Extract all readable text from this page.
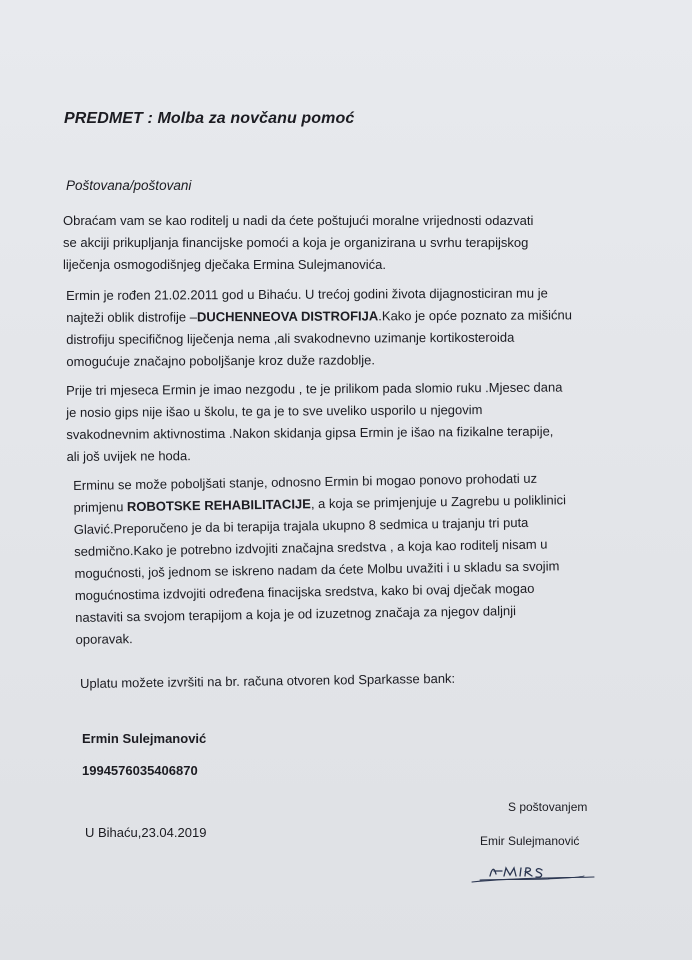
PREDMET : Molba za novčanu pomoć
Poštovana/poštovani
Obraćam vam se kao roditelj u nadi da ćete poštujući moralne vrijednosti odazvati
se akciji prikupljanja financijske pomoći a koja je organizirana u svrhu terapijskog
liječenja osmogodišnjeg dječaka Ermina Sulejmanovića.
Ermin je rođen 21.02.2011 god u Bihaću. U trećoj godini života dijagnosticiran mu je
najteži oblik distrofije –DUCHENNEOVA DISTROFIJA.Kako je opće poznato za mišićnu
distrofiju specifičnog liječenja nema ,ali svakodnevno uzimanje kortikosteroida
omogućuje značajno poboljšanje kroz duže razdoblje.
Prije tri mjeseca Ermin je imao nezgodu , te je prilikom pada slomio ruku .Mjesec dana
je nosio gips nije išao u školu, te ga je to sve uveliko usporilo u njegovim
svakodnevnim aktivnostima .Nakon skidanja gipsa Ermin je išao na fizikalne terapije,
ali još uvijek ne hoda.
Erminu se može poboljšati stanje, odnosno Ermin bi mogao ponovo prohodati uz
primjenu ROBOTSKE REHABILITACIJE, a koja se primjenjuje u Zagrebu u poliklinici
Glavić.Preporučeno je da bi terapija trajala ukupno 8 sedmica u trajanju tri puta
sedmično.Kako je potrebno izdvojiti značajna sredstva , a koja kao roditelj nisam u
mogućnosti, još jednom se iskreno nadam da ćete Molbu uvažiti i u skladu sa svojim
mogućnostima izdvojiti određena finacijska sredstva, kako bi ovaj dječak mogao
nastaviti sa svojom terapijom a koja je od izuzetnog značaja za njegov daljnji
oporavak.
Uplatu možete izvršiti na br. računa otvoren kod Sparkasse bank:
Ermin Sulejmanović
1994576035406870
U Bihaću,23.04.2019
S poštovanjem
Emir Sulejmanović
